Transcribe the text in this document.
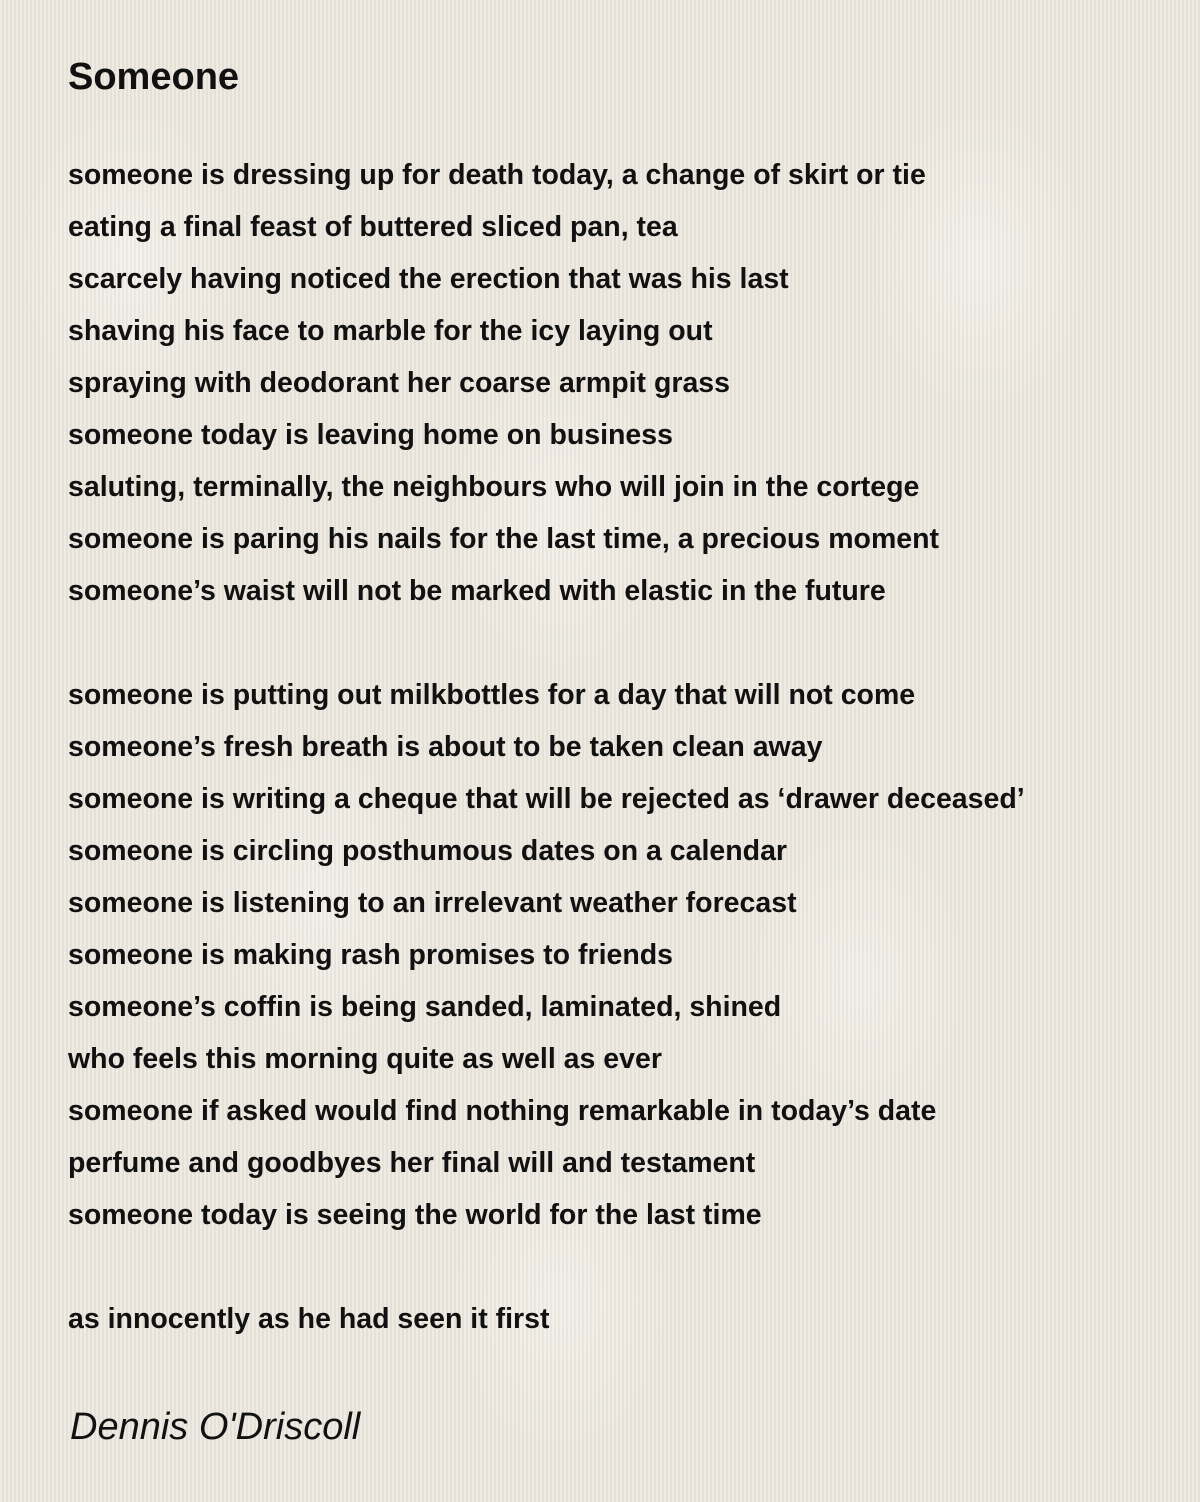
Someone
someone is dressing up for death today, a change of skirt or tie
eating a final feast of buttered sliced pan, tea
scarcely having noticed the erection that was his last
shaving his face to marble for the icy laying out
spraying with deodorant her coarse armpit grass
someone today is leaving home on business
saluting, terminally, the neighbours who will join in the cortege
someone is paring his nails for the last time, a precious moment
someone’s waist will not be marked with elastic in the future
someone is putting out milkbottles for a day that will not come
someone’s fresh breath is about to be taken clean away
someone is writing a cheque that will be rejected as ‘drawer deceased’
someone is circling posthumous dates on a calendar
someone is listening to an irrelevant weather forecast
someone is making rash promises to friends
someone’s coffin is being sanded, laminated, shined
who feels this morning quite as well as ever
someone if asked would find nothing remarkable in today’s date
perfume and goodbyes her final will and testament
someone today is seeing the world for the last time
as innocently as he had seen it first

Dennis O'Driscoll
